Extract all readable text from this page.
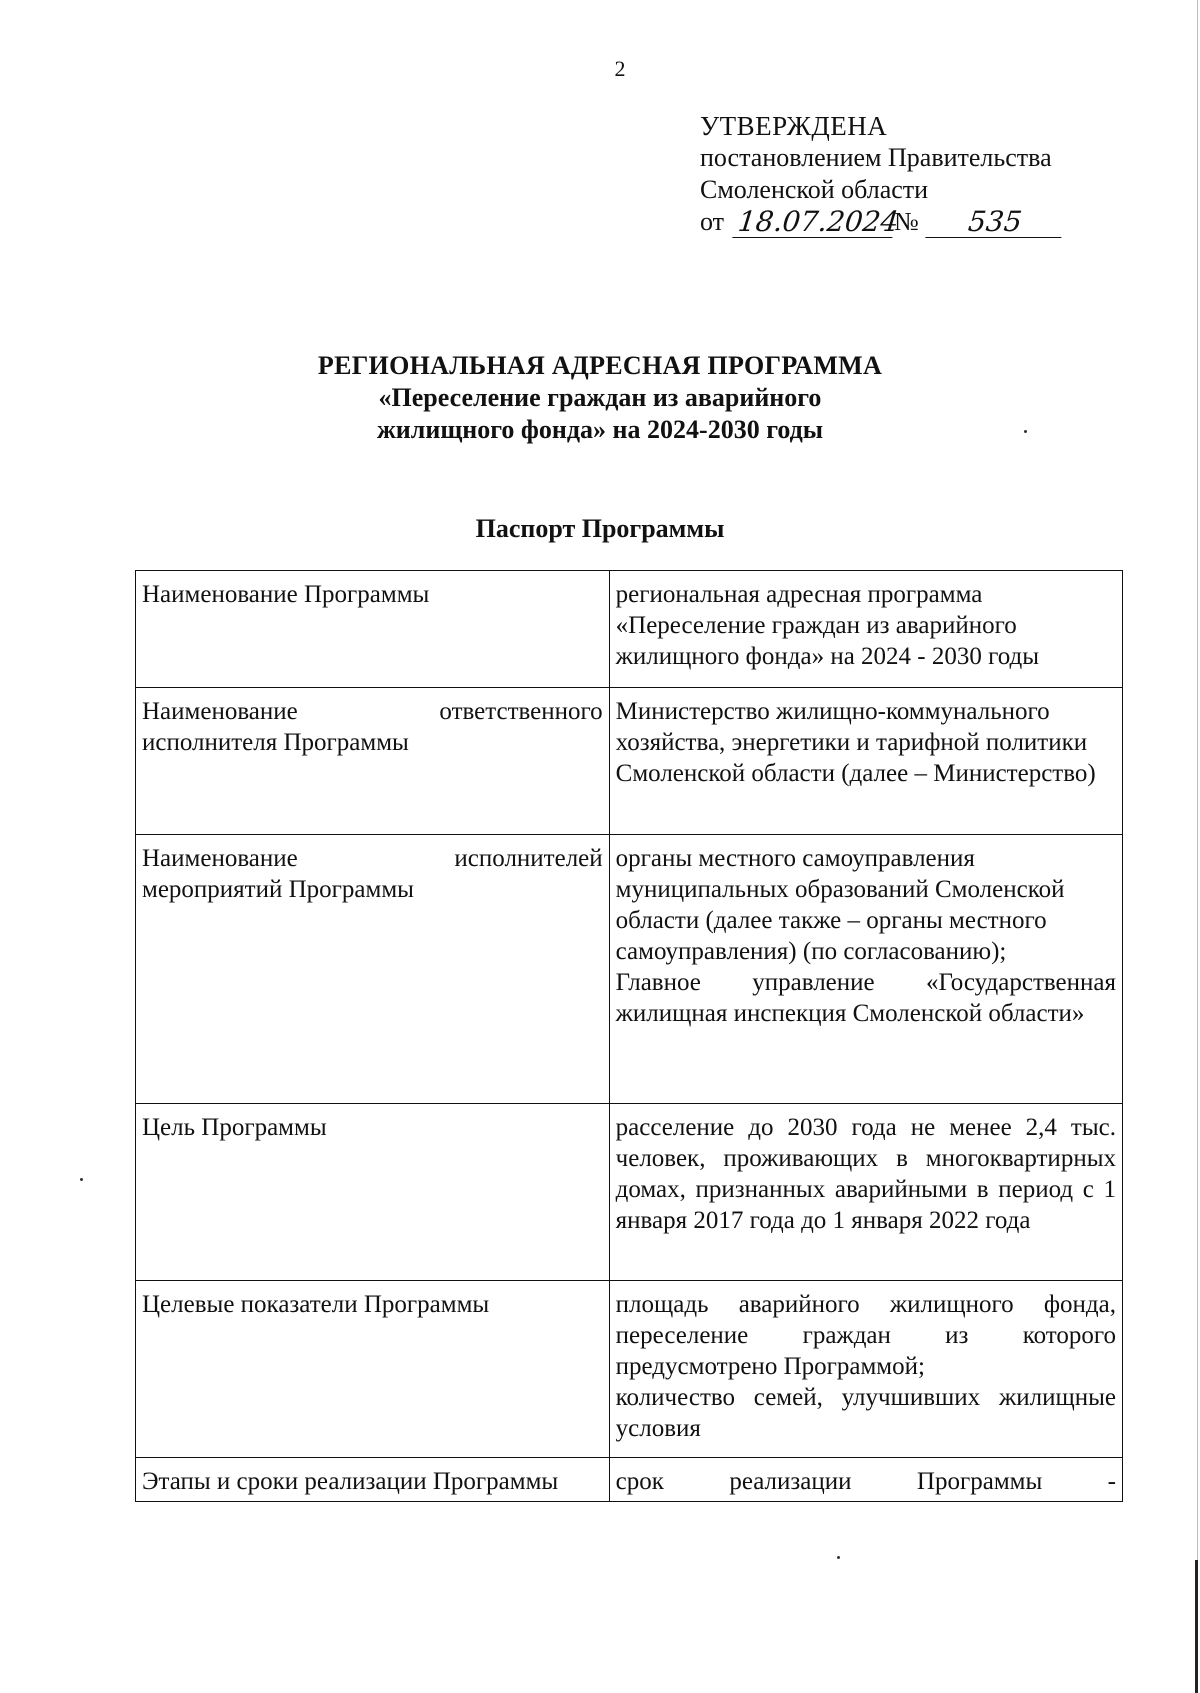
2
УТВЕРЖДЕНА
постановлением Правительства
Смоленской области
от 18.07.2024
№	535
РЕГИОНАЛЬНАЯ АДРЕСНАЯ ПРОГРАММА
«Переселение граждан из аварийного
жилищного фонда» на 2024-2030 годы
Паспорт Программы
Наименование Программы	региональная адресная программа «Переселение граждан из аварийного жилищного фонда» на 2024 - 2030 годы

Наименование ответственного
исполнителя Программы	Министерство жилищно-коммунального хозяйства, энергетики и тарифной политики Смоленской области (далее – Министерство)

Наименование исполнителей
мероприятий Программы	органы местного самоуправления муниципальных образований Смоленской области (далее также – органы местного самоуправления) (по согласованию);
Главное управление «Государственная жилищная инспекция Смоленской области»

Цель Программы	расселение до 2030 года не менее 2,4 тыс. человек, проживающих в многоквартирных домах, признанных аварийными в период с 1 января 2017 года до 1 января 2022 года

Целевые показатели Программы	площадь аварийного жилищного фонда, переселение граждан из которого предусмотрено Программой;
количество семей, улучшивших жилищные условия

Этапы и сроки реализации Программы	срок реализации Программы -
